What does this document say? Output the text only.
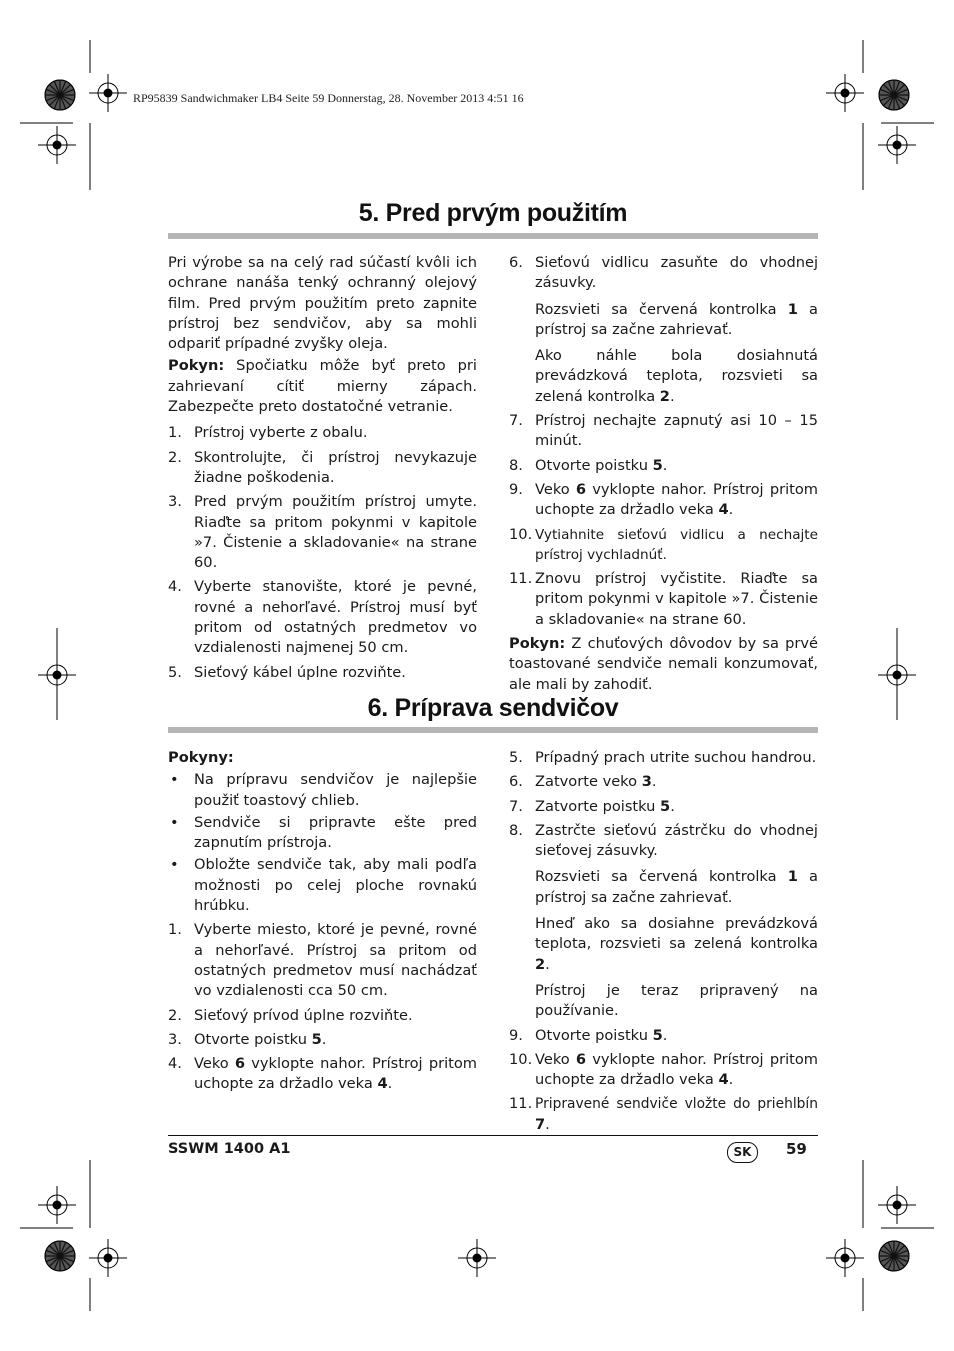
RP95839 Sandwichmaker LB4 Seite 59 Donnerstag, 28. November 2013 4:51 16
5. Pred prvým použitím

Pri výrobe sa na celý rad súčastí kvôli ich ochrane nanáša tenký ochranný olejový film. Pred prvým použitím preto zapnite prístroj bez sendvičov, aby sa mohli odpariť prípadné zvyšky oleja.

Pokyn: Spočiatku môže byť preto pri zahrievaní cítiť mierny zápach. Zabezpečte preto dostatočné vetranie.

1. Prístroj vyberte z obalu.
2. Skontrolujte, či prístroj nevykazuje žiadne poškodenia.
3. Pred prvým použitím prístroj umyte. Riaďte sa pritom pokynmi v kapitole »7. Čistenie a skladovanie« na strane 60.
4. Vyberte stanovište, ktoré je pevné, rovné a nehorľavé. Prístroj musí byť pritom od ostatných predmetov vo vzdialenosti najmenej 50 cm.
5. Sieťový kábel úplne rozviňte.
6. Sieťovú vidlicu zasuňte do vhodnej zásuvky.
Rozsvieti sa červená kontrolka 1 a prístroj sa začne zahrievať.
Ako náhle bola dosiahnutá prevádzková teplota, rozsvieti sa zelená kontrolka 2.
7. Prístroj nechajte zapnutý asi 10 – 15 minút.
8. Otvorte poistku 5.
9. Veko 6 vyklopte nahor. Prístroj pritom uchopte za držadlo veka 4.
10. Vytiahnite sieťovú vidlicu a nechajte prístroj vychladnúť.
11. Znovu prístroj vyčistite. Riaďte sa pritom pokynmi v kapitole »7. Čistenie a skladovanie« na strane 60.

Pokyn: Z chuťových dôvodov by sa prvé toastované sendviče nemali konzumovať, ale mali by zahodiť.

6. Príprava sendvičov

Pokyny:

• Na prípravu sendvičov je najlepšie použiť toastový chlieb.
• Sendviče si pripravte ešte pred zapnutím prístroja.
• Obložte sendviče tak, aby mali podľa možnosti po celej ploche rovnakú hrúbku.
1. Vyberte miesto, ktoré je pevné, rovné a nehorľavé. Prístroj sa pritom od ostatných predmetov musí nachádzať vo vzdialenosti cca 50 cm.
2. Sieťový prívod úplne rozviňte.
3. Otvorte poistku 5.
4. Veko 6 vyklopte nahor. Prístroj pritom uchopte za držadlo veka 4.
5. Prípadný prach utrite suchou handrou.
6. Zatvorte veko 3.
7. Zatvorte poistku 5.
8. Zastrčte sieťovú zástrčku do vhodnej sieťovej zásuvky.
Rozsvieti sa červená kontrolka 1 a prístroj sa začne zahrievať.
Hneď ako sa dosiahne prevádzková teplota, rozsvieti sa zelená kontrolka 2.
Prístroj je teraz pripravený na používanie.
9. Otvorte poistku 5.
10. Veko 6 vyklopte nahor. Prístroj pritom uchopte za držadlo veka 4.
11. Pripravené sendviče vložte do priehlbín 7.
SSWM 1400 A1	SK	59
